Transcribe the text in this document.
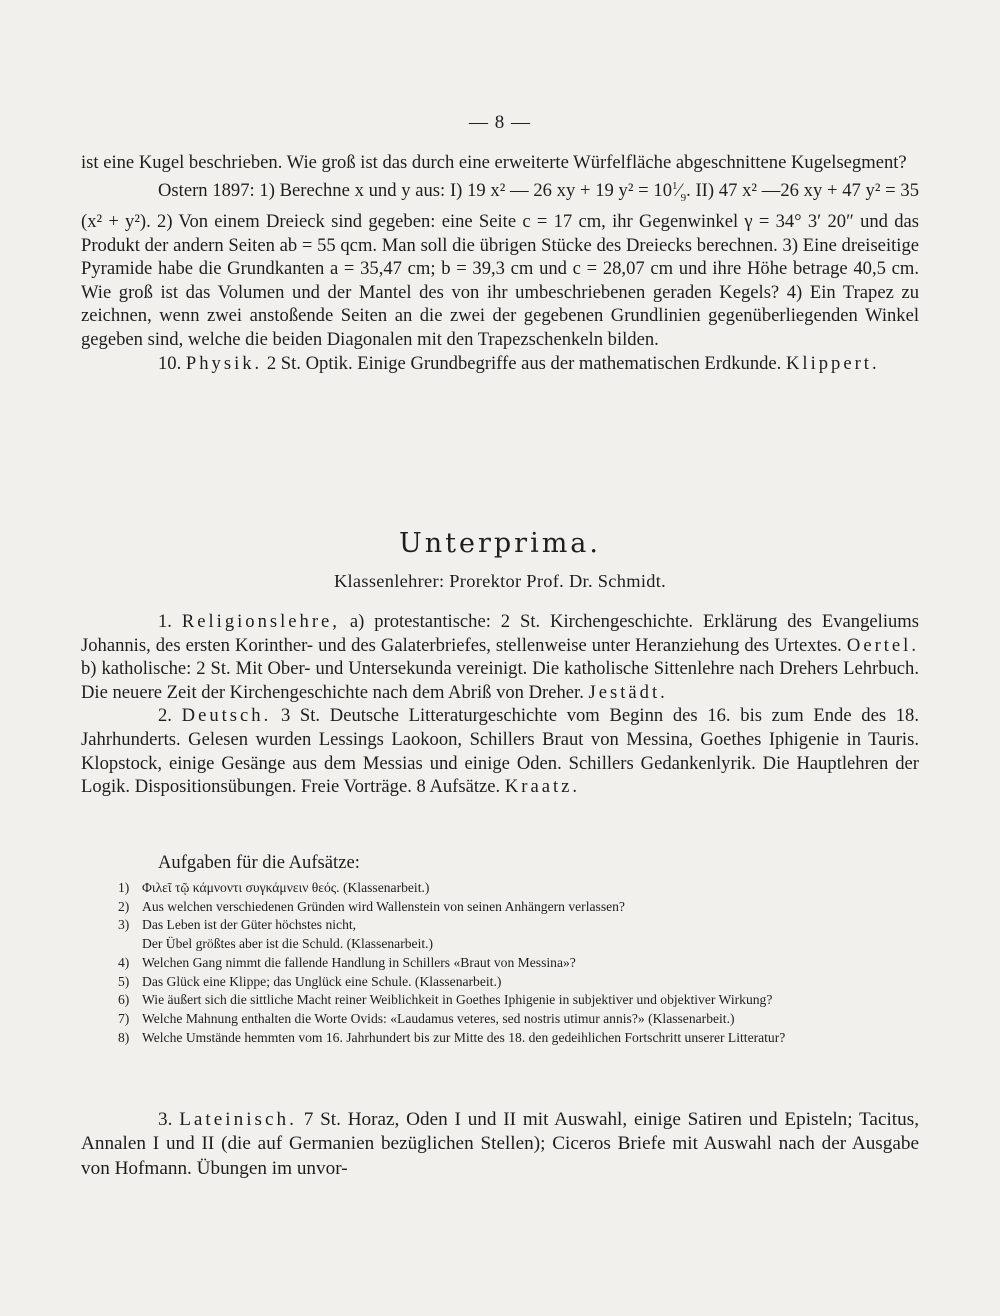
— 8 —

ist eine Kugel beschrieben. Wie groß ist das durch eine erweiterte Würfelfläche abgeschnittene Kugelsegment?

Ostern 1897: 1) Berechne x und y aus: I) 19 x² — 26 xy + 19 $y^2 = 10^1⁄_9$. II) 47 x² —26 xy + 47 y² = 35 (x² + y²). 2) Von einem Dreieck sind gegeben: eine Seite c = 17 cm, ihr Gegenwinkel γ = 34° 3′ 20″ und das Produkt der andern Seiten ab = 55 qcm. Man soll die übrigen Stücke des Dreiecks berechnen. 3) Eine dreiseitige Pyramide habe die Grundkanten a = 35,47 cm; b = 39,3 cm und c = 28,07 cm und ihre Höhe betrage 40,5 cm. Wie groß ist das Volumen und der Mantel des von ihr umbeschriebenen geraden Kegels? 4) Ein Trapez zu zeichnen, wenn zwei anstoßende Seiten an die zwei der gegebenen Grundlinien gegenüberliegenden Winkel gegeben sind, welche die beiden Diagonalen mit den Trapezschenkeln bilden.

10. Physik. 2 St. Optik. Einige Grundbegriffe aus der mathematischen Erdkunde. Klippert.

Unterprima.
Klassenlehrer: Prorektor Prof. Dr. Schmidt.

1. Religionslehre, a) protestantische: 2 St. Kirchengeschichte. Erklärung des Evangeliums Johannis, des ersten Korinther- und des Galaterbriefes, stellenweise unter Heranziehung des Urtextes. Oertel. b) katholische: 2 St. Mit Ober- und Untersekunda vereinigt. Die katholische Sittenlehre nach Drehers Lehrbuch. Die neuere Zeit der Kirchengeschichte nach dem Abriß von Dreher. Jestädt.

2. Deutsch. 3 St. Deutsche Litteraturgeschichte vom Beginn des 16. bis zum Ende des 18. Jahrhunderts. Gelesen wurden Lessings Laokoon, Schillers Braut von Messina, Goethes Iphigenie in Tauris. Klopstock, einige Gesänge aus dem Messias und einige Oden. Schillers Gedankenlyrik. Die Hauptlehren der Logik. Dispositionsübungen. Freie Vorträge. 8 Aufsätze. Kraatz.

Aufgaben für die Aufsätze:
1) Φιλεῖ τῷ κάμνοντι συγκάμνειν θεός. (Klassenarbeit.)
2) Aus welchen verschiedenen Gründen wird Wallenstein von seinen Anhängern verlassen?
3) Das Leben ist der Güter höchstes nicht,
Der Übel größtes aber ist die Schuld. (Klassenarbeit.)
4) Welchen Gang nimmt die fallende Handlung in Schillers «Braut von Messina»?
5) Das Glück eine Klippe; das Unglück eine Schule. (Klassenarbeit.)
6) Wie äußert sich die sittliche Macht reiner Weiblichkeit in Goethes Iphigenie in subjektiver und objektiver Wirkung?
7) Welche Mahnung enthalten die Worte Ovids: «Laudamus veteres, sed nostris utimur annis?» (Klassenarbeit.)
8) Welche Umstände hemmten vom 16. Jahrhundert bis zur Mitte des 18. den gedeihlichen Fortschritt unserer Litteratur?

3. Lateinisch. 7 St. Horaz, Oden I und II mit Auswahl, einige Satiren und Episteln; Tacitus, Annalen I und II (die auf Germanien bezüglichen Stellen); Ciceros Briefe mit Auswahl nach der Ausgabe von Hofmann. Übungen im unvor-
